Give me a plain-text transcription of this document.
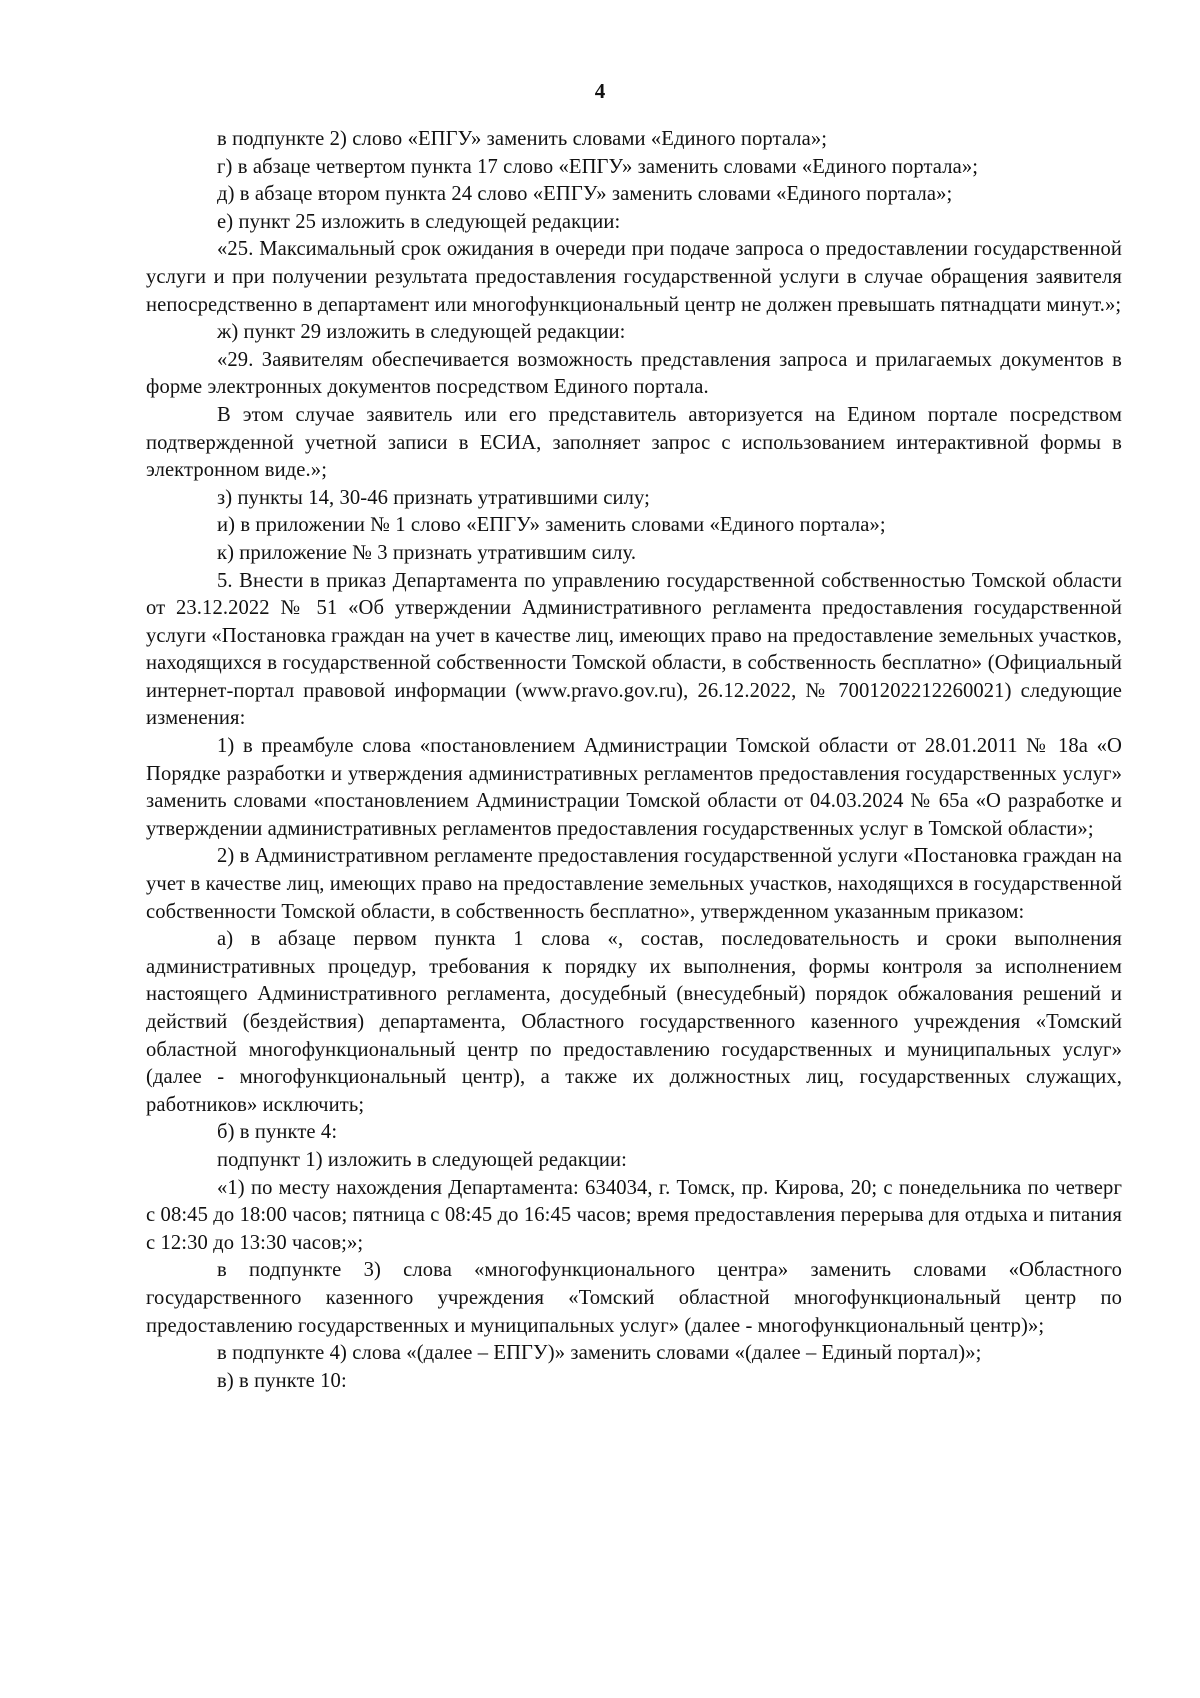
4

в подпункте 2) слово «ЕПГУ» заменить словами «Единого портала»;

г) в абзаце четвертом пункта 17 слово «ЕПГУ» заменить словами «Единого портала»;

д) в абзаце втором пункта 24 слово «ЕПГУ» заменить словами «Единого портала»;

е) пункт 25 изложить в следующей редакции:

«25. Максимальный срок ожидания в очереди при подаче запроса о предоставлении государственной услуги и при получении результата предоставления государственной услуги в случае обращения заявителя непосредственно в департамент или многофункциональный центр не должен превышать пятнадцати минут.»;

ж) пункт 29 изложить в следующей редакции:

«29. Заявителям обеспечивается возможность представления запроса и прилагаемых документов в форме электронных документов посредством Единого портала.

В этом случае заявитель или его представитель авторизуется на Едином портале посредством подтвержденной учетной записи в ЕСИА, заполняет запрос с использованием интерактивной формы в электронном виде.»;

з) пункты 14, 30-46 признать утратившими силу;

и) в приложении № 1 слово «ЕПГУ» заменить словами «Единого портала»;

к) приложение № 3 признать утратившим силу.

5. Внести в приказ Департамента по управлению государственной собственностью Томской области от 23.12.2022 № 51 «Об утверждении Административного регламента предоставления государственной услуги «Постановка граждан на учет в качестве лиц, имеющих право на предоставление земельных участков, находящихся в государственной собственности Томской области, в собственность бесплатно» (Официальный интернет-портал правовой информации (www.pravo.gov.ru), 26.12.2022, № 7001202212260021) следующие изменения:

1) в преамбуле слова «постановлением Администрации Томской области от 28.01.2011 № 18а «О Порядке разработки и утверждения административных регламентов предоставления государственных услуг» заменить словами «постановлением Администрации Томской области от 04.03.2024 № 65а «О разработке и утверждении административных регламентов предоставления государственных услуг в Томской области»;

2) в Административном регламенте предоставления государственной услуги «Постановка граждан на учет в качестве лиц, имеющих право на предоставление земельных участков, находящихся в государственной собственности Томской области, в собственность бесплатно», утвержденном указанным приказом:

а) в абзаце первом пункта 1 слова «, состав, последовательность и сроки выполнения административных процедур, требования к порядку их выполнения, формы контроля за исполнением настоящего Административного регламента, досудебный (внесудебный) порядок обжалования решений и действий (бездействия) департамента, Областного государственного казенного учреждения «Томский областной многофункциональный центр по предоставлению государственных и муниципальных услуг» (далее - многофункциональный центр), а также их должностных лиц, государственных служащих, работников» исключить;

б) в пункте 4:

подпункт 1) изложить в следующей редакции:

«1) по месту нахождения Департамента: 634034, г. Томск, пр. Кирова, 20; с понедельника по четверг с 08:45 до 18:00 часов; пятница с 08:45 до 16:45 часов; время предоставления перерыва для отдыха и питания с 12:30 до 13:30 часов;»;

в подпункте 3) слова «многофункционального центра» заменить словами «Областного государственного казенного учреждения «Томский областной многофункциональный центр по предоставлению государственных и муниципальных услуг» (далее - многофункциональный центр)»;

в подпункте 4) слова «(далее – ЕПГУ)» заменить словами «(далее – Единый портал)»;

в) в пункте 10:
